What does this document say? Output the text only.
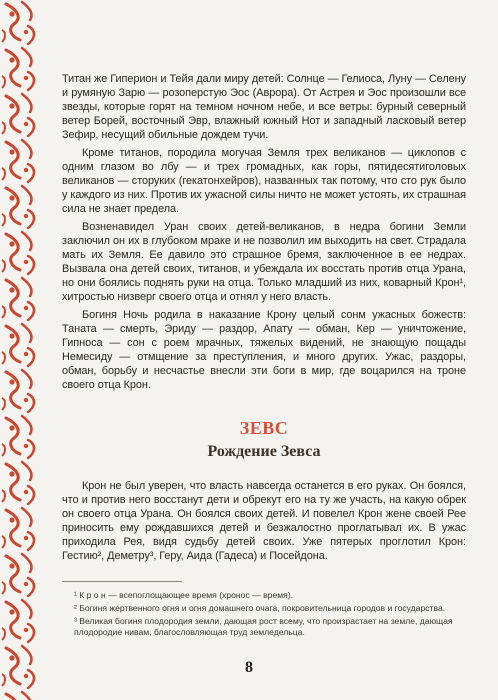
Титан же Гиперион и Тейя дали миру детей: Солнце — Гелиоса, Луну — Селену и румяную Зарю — розоперстую Эос (Аврора). От Астрея и Эос произошли все звезды, которые горят на темном ночном небе, и все ветры: бурный северный ветер Борей, восточный Эвр, влажный южный Нот и западный ласковый ветер Зефир, несущий обильные дождем тучи.

Кроме титанов, породила могучая Земля трех великанов — циклопов с одним глазом во лбу — и трех громадных, как горы, пятидесятиголовых великанов — сторуких (гекатонхейров), названных так потому, что сто рук было у каждого из них. Против их ужасной силы ничто не может устоять, их страшная сила не знает предела.

Возненавидел Уран своих детей-великанов, в недра богини Земли заключил он их в глубоком мраке и не позволил им выходить на свет. Страдала мать их Земля. Ее давило это страшное бремя, заключенное в ее недрах. Вызвала она детей своих, титанов, и убеждала их восстать против отца Урана, но они боялись поднять руки на отца. Только младший из них, коварный Крон¹, хитростью низверг своего отца и отнял у него власть.

Богиня Ночь родила в наказание Крону целый сонм ужасных божеств: Таната — смерть, Эриду — раздор, Апату — обман, Кер — уничтожение, Гипноса — сон с роем мрачных, тяжелых видений, не знающую пощады Немесиду — отмщение за преступления, и много других. Ужас, раздоры, обман, борьбу и несчастье внесли эти боги в мир, где воцарился на троне своего отца Крон.

ЗЕВС
Рождение Зевса

Крон не был уверен, что власть навсегда останется в его руках. Он боялся, что и против него восстанут дети и обрекут его на ту же участь, на какую обрек он своего отца Урана. Он боялся своих детей. И повелел Крон жене своей Рее приносить ему рождавшихся детей и безжалостно проглатывал их. В ужас приходила Рея, видя судьбу детей своих. Уже пятерых проглотил Крон: Гестию², Деметру³, Геру, Аида (Гадеса) и Посейдона.

¹ К р о н — всепоглощающее время (хронос — время).

² Богиня жертвенного огня и огня домашнего очага, покровительница городов и государства.

³ Великая богиня плодородия земли, дающая рост всему, что произрастает на земле, дающая плодородие нивам, благословляющая труд земледельца.

8
